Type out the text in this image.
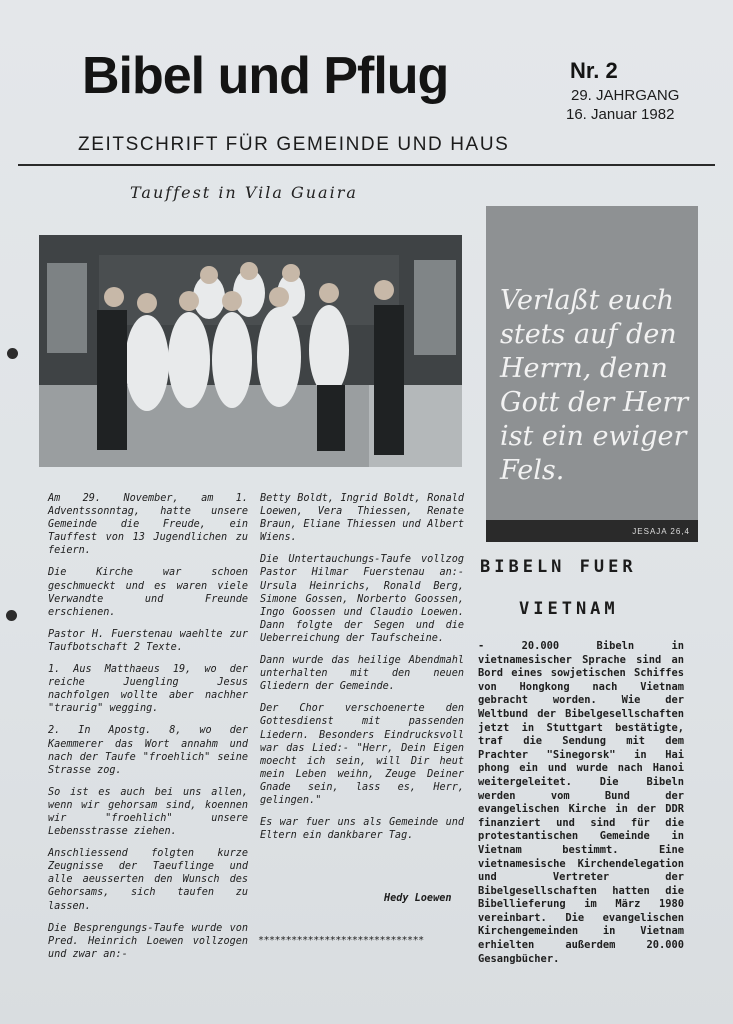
Bibel und Pflug	Nr. 2
29. JAHRGANG
16. Januar 1982
ZEITSCHRIFT FÜR GEMEINDE UND HAUS
Tauffest in Vila Guaira

Am 29. November, am 1. Adventssonntag, hatte unsere Gemeinde die Freude, ein Tauffest von 13 Jugendlichen zu feiern.

Die Kirche war schoen geschmueckt und es waren viele Verwandte und Freunde erschienen.

Pastor H. Fuerstenau waehlte zur Taufbotschaft 2 Texte.

1. Aus Matthaeus 19, wo der reiche Juengling Jesus nachfolgen wollte aber nachher "traurig" wegging.

2. In Apostg. 8, wo der Kaemmerer das Wort annahm und nach der Taufe "froehlich" seine Strasse zog.

So ist es auch bei uns allen, wenn wir gehorsam sind, koennen wir "froehlich" unsere Lebensstrasse ziehen.

Anschliessend folgten kurze Zeugnisse der Taeuflinge und alle aeusserten den Wunsch des Gehorsams, sich taufen zu lassen.

Die Besprengungs-Taufe wurde von Pred. Heinrich Loewen vollzogen und zwar an:-

Betty Boldt, Ingrid Boldt, Ronald Loewen, Vera Thiessen, Renate Braun, Eliane Thiessen und Albert Wiens.

Die Untertauchungs-Taufe vollzog Pastor Hilmar Fuerstenau an:- Ursula Heinrichs, Ronald Berg, Simone Gossen, Norberto Goossen, Ingo Goossen und Claudio Loewen. Dann folgte der Segen und die Ueberreichung der Taufscheine.

Dann wurde das heilige Abendmahl unterhalten mit den neuen Gliedern der Gemeinde.

Der Chor verschoenerte den Gottesdienst mit passenden Liedern. Besonders Eindrucksvoll war das Lied:- "Herr, Dein Eigen moecht ich sein, will Dir heut mein Leben weihn, Zeuge Deiner Gnade sein, lass es, Herr, gelingen."

Es war fuer uns als Gemeinde und Eltern ein dankbarer Tag.

Hedy Loewen
******************************
Verlaßt euch stets auf den Herrn, denn Gott der Herr ist ein ewiger Fels.
JESAJA 26,4
BIBELN FUER
VIETNAM
- 20.000 Bibeln in vietnamesischer Sprache sind an Bord eines sowjetischen Schiffes von Hongkong nach Vietnam gebracht worden. Wie der Weltbund der Bibelgesellschaften jetzt in Stuttgart bestätigte, traf die Sendung mit dem Prachter "Sinegorsk" in Hai phong ein und wurde nach Hanoi weitergeleitet. Die Bibeln werden vom Bund der evangelischen Kirche in der DDR finanziert und sind für die protestantischen Gemeinde in Vietnam bestimmt. Eine vietnamesische Kirchendelegation und Vertreter der Bibelgesellschaften hatten die Bibellieferung im März 1980 vereinbart. Die evangelischen Kirchengemeinden in Vietnam erhielten außerdem 20.000 Gesangbücher.
